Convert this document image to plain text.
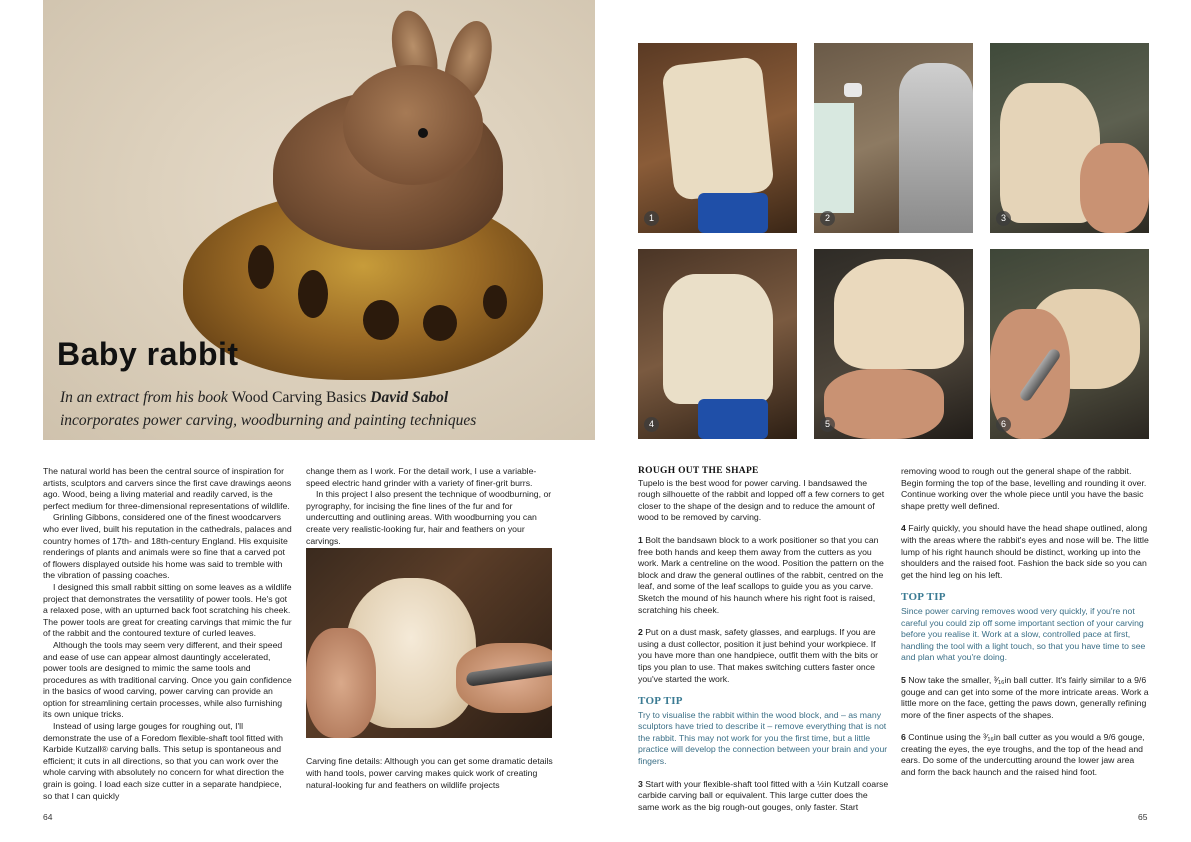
Baby rabbit
In an extract from his book Wood Carving Basics David Sabol
incorporates power carving, woodburning and painting techniques

The natural world has been the central source of inspiration for artists, sculptors and carvers since the first cave drawings aeons ago. Wood, being a living material and readily carved, is the perfect medium for three-dimensional representations of wildlife.

Grinling Gibbons, considered one of the finest woodcarvers who ever lived, built his reputation in the cathedrals, palaces and country homes of 17th- and 18th-century England. His exquisite renderings of plants and animals were so fine that a carved pot of flowers displayed outside his home was said to tremble with the vibration of passing coaches.

I designed this small rabbit sitting on some leaves as a wildlife project that demonstrates the versatility of power tools. He's got a relaxed pose, with an upturned back foot scratching his cheek. The power tools are great for creating carvings that mimic the fur of the rabbit and the contoured texture of curled leaves.

Although the tools may seem very different, and their speed and ease of use can appear almost dauntingly accelerated, power tools are designed to mimic the same tools and procedures as with traditional carving. Once you gain confidence in the basics of wood carving, power carving can provide an option for streamlining certain processes, while also furnishing its own unique tricks.

Instead of using large gouges for roughing out, I'll demonstrate the use of a Foredom flexible-shaft tool fitted with Karbide Kutzall® carving balls. This setup is spontaneous and efficient; it cuts in all directions, so that you can work over the whole carving with absolutely no concern for what direction the grain is going. I load each size cutter in a separate handpiece, so that I can quickly

change them as I work. For the detail work, I use a variable-speed electric hand grinder with a variety of finer-grit burrs.

In this project I also present the technique of woodburning, or pyrography, for incising the fine lines of the fur and for undercutting and outlining areas. With woodburning you can create very realistic-looking fur, hair and feathers on your carvings.

Carving fine details: Although you can get some dramatic details with hand tools, power carving makes quick work of creating natural-looking fur and feathers on wildlife projects
64
1	2	3
4	5	6

ROUGH OUT THE SHAPE
Tupelo is the best wood for power carving. I bandsawed the rough silhouette of the rabbit and lopped off a few corners to get closer to the shape of the design and to reduce the amount of wood to be removed by carving.

1 Bolt the bandsawn block to a work positioner so that you can free both hands and keep them away from the cutters as you work. Mark a centreline on the wood. Position the pattern on the block and draw the general outlines of the rabbit, centred on the leaf, and some of the leaf scallops to guide you as you carve. Sketch the mound of his haunch where his right foot is raised, scratching his cheek.

2 Put on a dust mask, safety glasses, and earplugs. If you are using a dust collector, position it just behind your workpiece. If you have more than one handpiece, outfit them with the bits or tips you plan to use. That makes switching cutters faster once you've started the work.

TOP TIP

Try to visualise the rabbit within the wood block, and – as many sculptors have tried to describe it – remove everything that is not the rabbit. This may not work for you the first time, but a little practice will develop the connection between your brain and your fingers.

3 Start with your flexible-shaft tool fitted with a ½in Kutzall coarse carbide carving ball or equivalent. This large cutter does the same work as the big rough-out gouges, only faster. Start

removing wood to rough out the general shape of the rabbit. Begin forming the top of the base, levelling and rounding it over. Continue working over the whole piece until you have the basic shape pretty well defined.

4 Fairly quickly, you should have the head shape outlined, along with the areas where the rabbit's eyes and nose will be. The little lump of his right haunch should be distinct, working up into the shoulders and the raised foot. Fashion the back side so you can get the hind leg on his left.

TOP TIP

Since power carving removes wood very quickly, if you're not careful you could zip off some important section of your carving before you realise it. Work at a slow, controlled pace at first, handling the tool with a light touch, so that you have time to see and plan what you're doing.

5 Now take the smaller, ³⁄₁₆in ball cutter. It's fairly similar to a 9/6 gouge and can get into some of the more intricate areas. Work a little more on the face, getting the paws down, generally refining more of the finer aspects of the shapes.

6 Continue using the ³⁄₁₆in ball cutter as you would a 9/6 gouge, creating the eyes, the eye troughs, and the top of the head and ears. Do some of the undercutting around the lower jaw area and form the back haunch and the raised hind foot.

65
